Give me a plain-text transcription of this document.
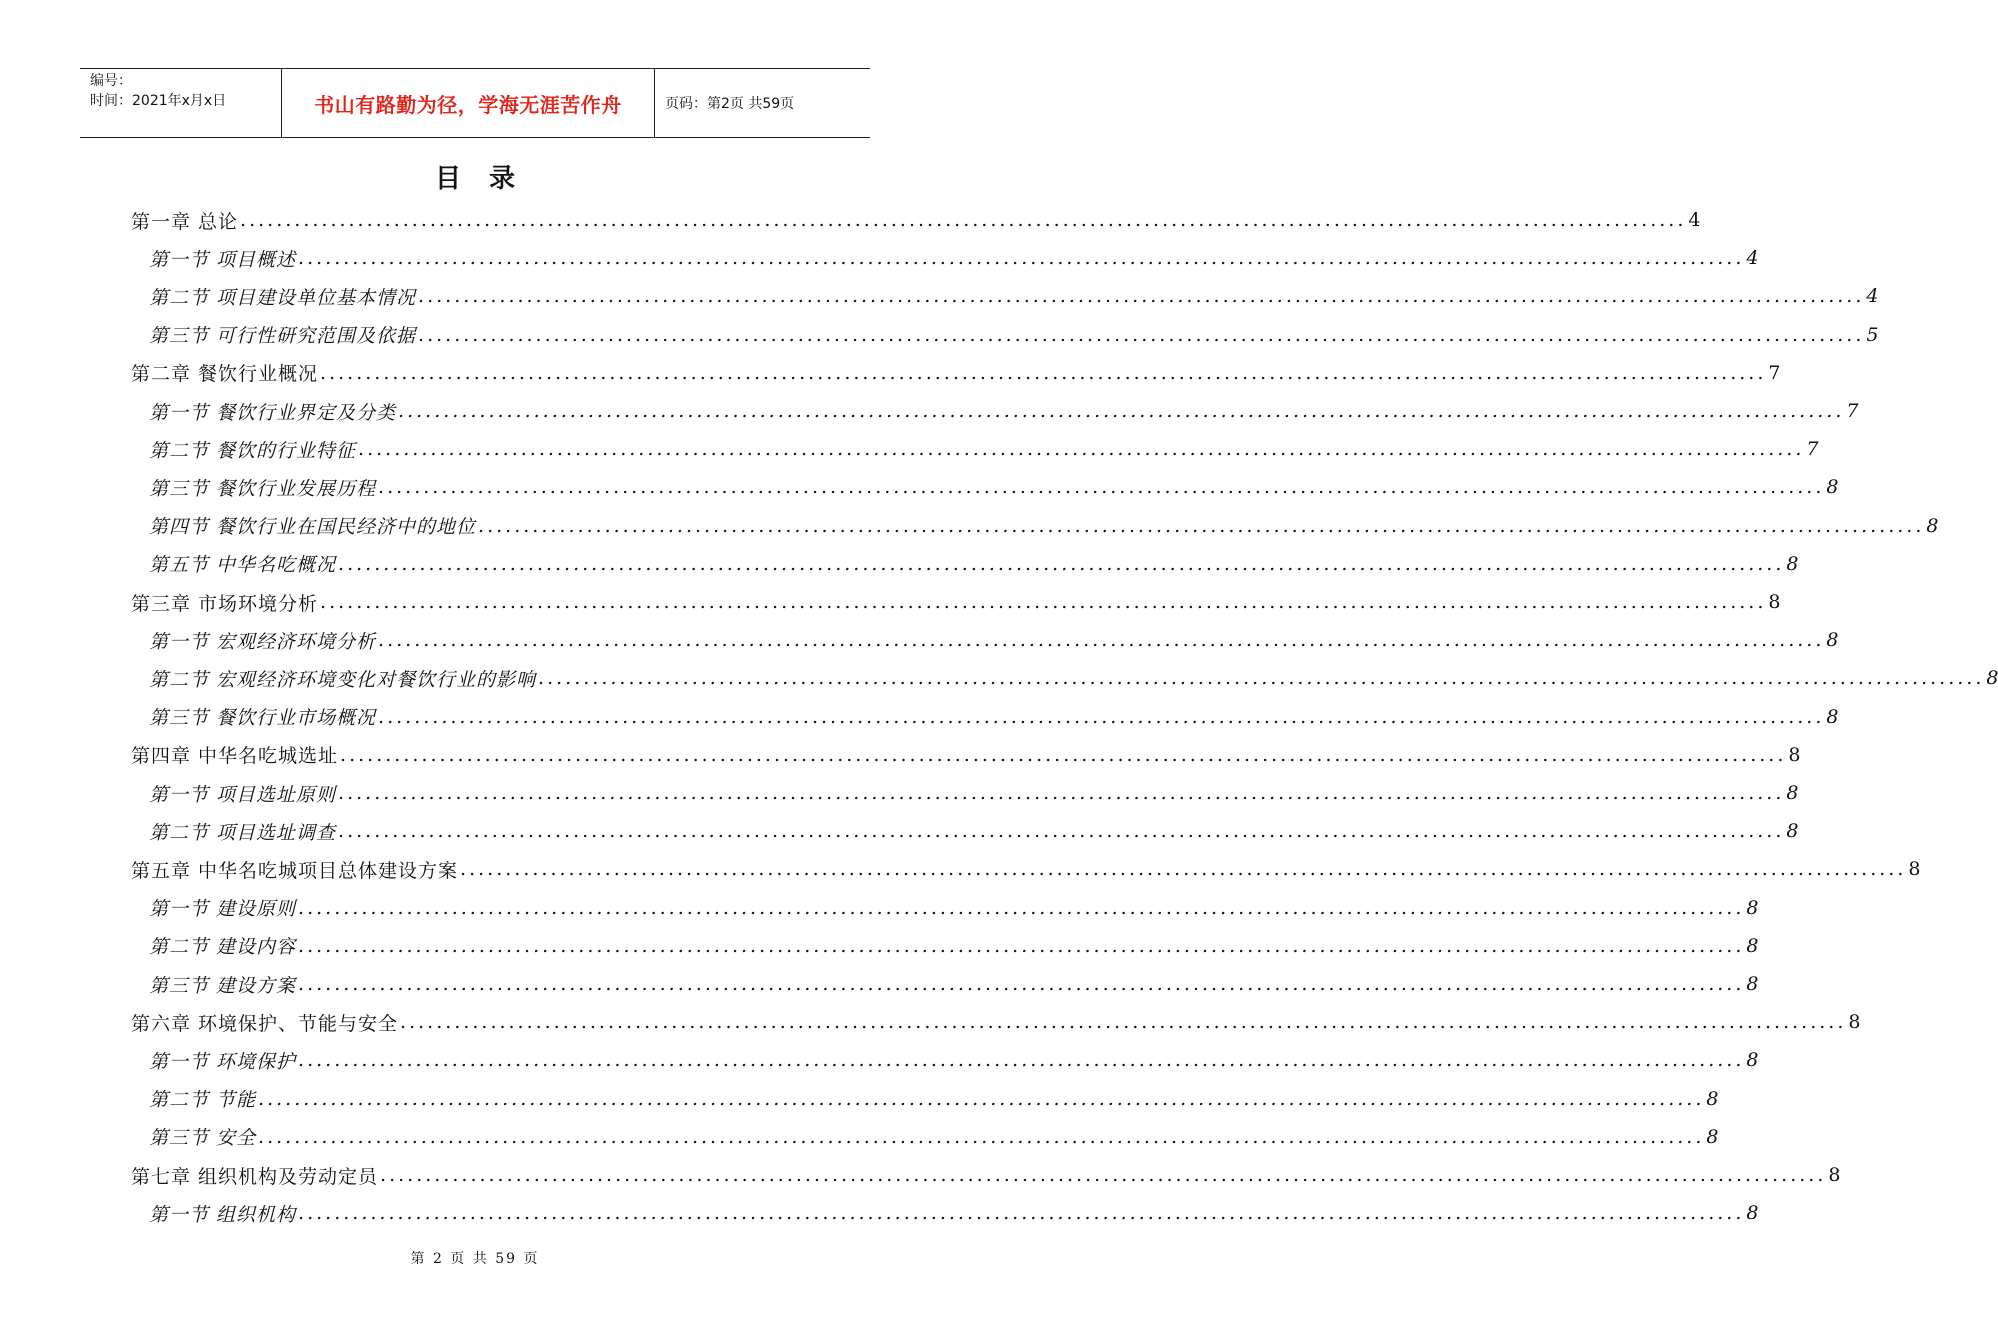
编号：
时间：2021年x月x日	书山有路勤为径，学海无涯苦作舟	页码：第2页 共59页
目录
第一章 总论 ................................................................................................................................................................ 4
第一节 项目概述 ................................................................................................................................................................ 4
第二节 项目建设单位基本情况 ................................................................................................................................................................ 4
第三节 可行性研究范围及依据 ................................................................................................................................................................ 5
第二章 餐饮行业概况 ................................................................................................................................................................ 7
第一节 餐饮行业界定及分类 ................................................................................................................................................................ 7
第二节 餐饮的行业特征 ................................................................................................................................................................ 7
第三节 餐饮行业发展历程 ................................................................................................................................................................ 8
第四节 餐饮行业在国民经济中的地位 ................................................................................................................................................................ 8
第五节 中华名吃概况 ................................................................................................................................................................ 8
第三章 市场环境分析 ................................................................................................................................................................ 8
第一节 宏观经济环境分析 ................................................................................................................................................................ 8
第二节 宏观经济环境变化对餐饮行业的影响 ................................................................................................................................................................ 8
第三节 餐饮行业市场概况 ................................................................................................................................................................ 8
第四章 中华名吃城选址 ................................................................................................................................................................ 8
第一节 项目选址原则 ................................................................................................................................................................ 8
第二节 项目选址调查 ................................................................................................................................................................ 8
第五章 中华名吃城项目总体建设方案 ................................................................................................................................................................ 8
第一节 建设原则 ................................................................................................................................................................ 8
第二节 建设内容 ................................................................................................................................................................ 8
第三节 建设方案 ................................................................................................................................................................ 8
第六章 环境保护、节能与安全 ................................................................................................................................................................ 8
第一节 环境保护 ................................................................................................................................................................ 8
第二节 节能 ................................................................................................................................................................ 8
第三节 安全 ................................................................................................................................................................ 8
第七章 组织机构及劳动定员 ................................................................................................................................................................ 8
第一节 组织机构 ................................................................................................................................................................ 8
第 2 页 共 59 页
